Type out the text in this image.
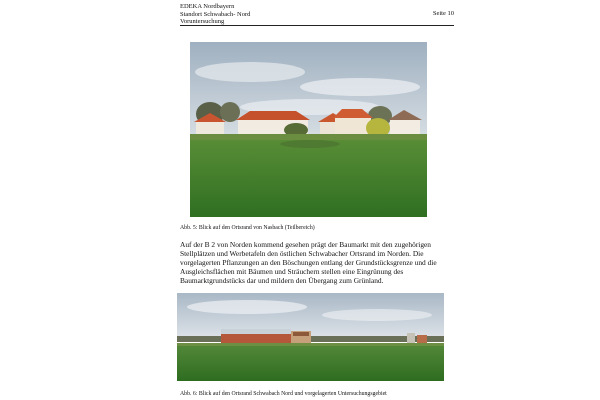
EDEKA Nordbayern
Standort Schwabach- Nord
Voruntersuchung
Seite 10
Abb. 5: Blick auf den Ortsrand von Nasbach (Teilbereich)

Auf der B 2 von Norden kommend gesehen prägt der Baumarkt mit den zugehörigen Stellplätzen und Werbetafeln den östlichen Schwabacher Ortsrand im Norden. Die vorgelagerten Pflanzungen an den Böschungen entlang der Grundstücksgrenze und die Ausgleichsflächen mit Bäumen und Sträuchern stellen eine Eingrünung des Baumarktgrundstücks dar und mildern den Übergang zum Grünland.

Abb. 6: Blick auf den Ortsrand Schwabach Nord und vorgelagerten Untersuchungsgebiet
